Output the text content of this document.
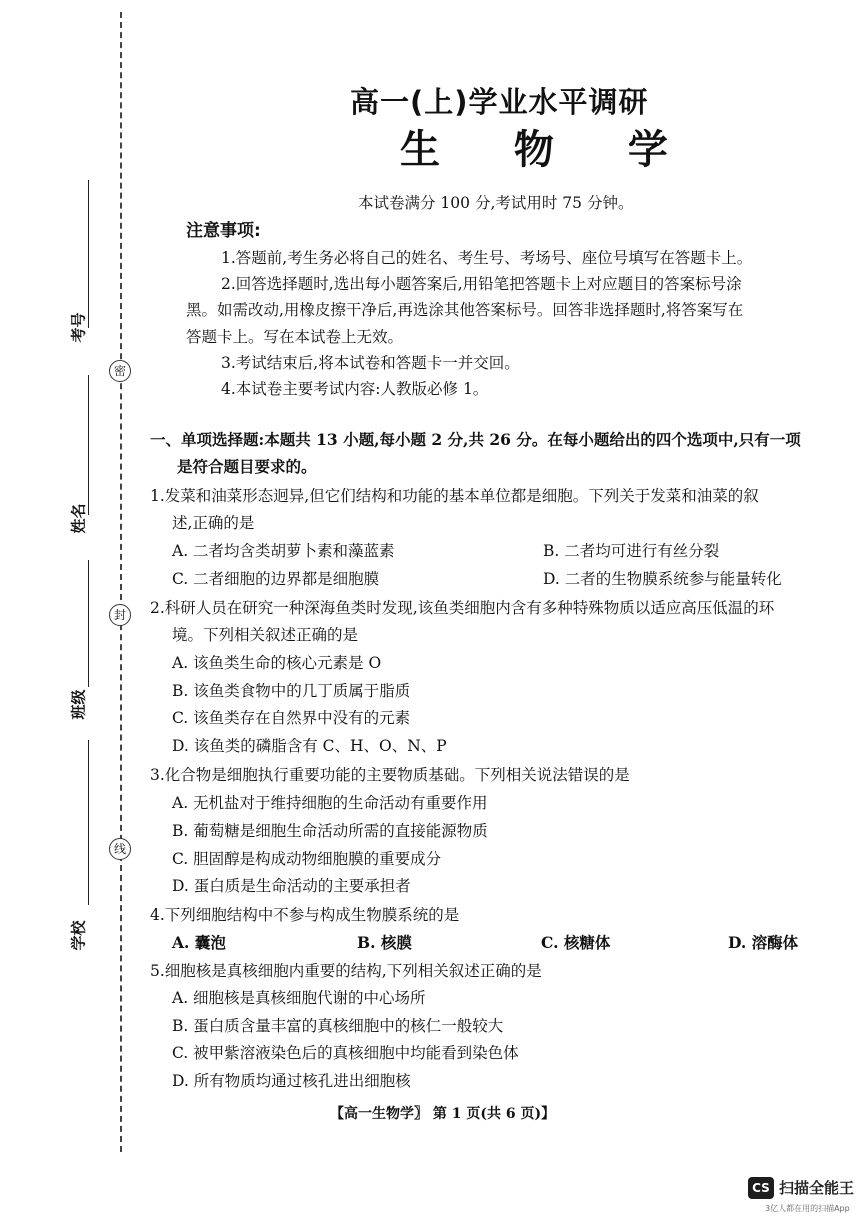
密
封
线
考号
姓名
班级
学校
高一(上)学业水平调研
生 物 学
本试卷满分 100 分,考试用时 75 分钟。
注意事项:
1.答题前,考生务必将自己的姓名、考生号、考场号、座位号填写在答题卡上。
2.回答选择题时,选出每小题答案后,用铅笔把答题卡上对应题目的答案标号涂
黑。如需改动,用橡皮擦干净后,再选涂其他答案标号。回答非选择题时,将答案写在
答题卡上。写在本试卷上无效。
3.考试结束后,将本试卷和答题卡一并交回。
4.本试卷主要考试内容:人教版必修 1。
一、单项选择题:本题共 13 小题,每小题 2 分,共 26 分。在每小题给出的四个选项中,只有一项
是符合题目要求的。
1.发菜和油菜形态迥异,但它们结构和功能的基本单位都是细胞。下列关于发菜和油菜的叙
述,正确的是
A. 二者均含类胡萝卜素和藻蓝素	B. 二者均可进行有丝分裂
C. 二者细胞的边界都是细胞膜	D. 二者的生物膜系统参与能量转化
2.科研人员在研究一种深海鱼类时发现,该鱼类细胞内含有多种特殊物质以适应高压低温的环
境。下列相关叙述正确的是
A. 该鱼类生命的核心元素是 O
B. 该鱼类食物中的几丁质属于脂质
C. 该鱼类存在自然界中没有的元素
D. 该鱼类的磷脂含有 C、H、O、N、P
3.化合物是细胞执行重要功能的主要物质基础。下列相关说法错误的是
A. 无机盐对于维持细胞的生命活动有重要作用
B. 葡萄糖是细胞生命活动所需的直接能源物质
C. 胆固醇是构成动物细胞膜的重要成分
D. 蛋白质是生命活动的主要承担者
4.下列细胞结构中不参与构成生物膜系统的是
A. 囊泡	B. 核膜	C. 核糖体	D. 溶酶体
5.细胞核是真核细胞内重要的结构,下列相关叙述正确的是
A. 细胞核是真核细胞代谢的中心场所
B. 蛋白质含量丰富的真核细胞中的核仁一般较大
C. 被甲紫溶液染色后的真核细胞中均能看到染色体
D. 所有物质均通过核孔进出细胞核
【高一生物学〗 第 1 页(共 6 页)】
CS 扫描全能王
3亿人都在用的扫描App
